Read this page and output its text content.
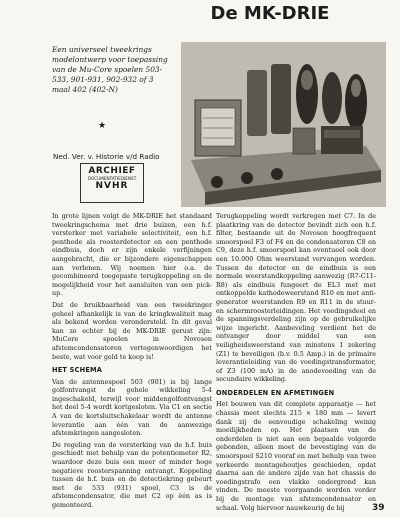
De MK-DRIE

Een universeel tweekrings modelontwerp voor toepassing van de Mu-Core spoelen 503-533, 901-931, 902-932 of 3 maal 402 (402-N)

★
Ned. Ver. v. Historie v/d Radio
ARCHIEF
DOCUMENTATIEDIENST
NVHR

In grote lijnen volgt de MK-DRIE het standaard tweekringschema met drie buizen, een h.f. versterker met variabele selectiviteit, een h.f. penthode als roosterdetector en een penthode eindbuis, doch er zijn enkele verfijningen aangebracht, die er bijzondere eigenschappen aan verlenen. Wij noemen hier o.a. de gecombineerd toegepaste terugkoppeling en de mogelijkheid voor het aansluiten van een pick-up.

Dat de bruikbaarheid van een tweekringer geheel afhankelijk is van de kringkwaliteit mag als bekend worden verondersteld. In dit geval kan ze echter bij de MK-DRIE gerust zijn: MuCore spoelen in Novoson afstemcondensatoren vertegenwoordigen het beste, wat voor geld te koop is!

HET SCHEMA

Van de antennespoel 503 (901) is bij lange golfontvangst de gehele wikkeling 5-4 ingeschakeld, terwijl voor middengolfontvangst het deel 5-4 wordt kortgesloten. Via C1 en sectie A van de kortsluitschakelaar wordt de antenne leverantie aan één van de aanwezige afstemkringen aangesloten.

De regeling van de versterking van de h.f. buis geschiedt met behulp van de potentiometer R2, waardoor deze buis een meer of minder hoge negatieve roosterspanning ontvangt. Koppeling tussen de h.f. buis en de detectiekring gebeurt met de 533 (931) spoel, C3 is de afstemcondensator, die met C2 op één as is gemonteerd.

Terugkoppeling wordt verkregen met C7. In de plaatkring van de detector bevindt zich een h.f. filter, bestaande uit de Novoson hoogfrequent smoorspoel F3 of F4 en de condensatoren C8 en C9, deze h.f. smoorspoel kan eventueel ook door een 10.000 Ohm weerstand vervangen worden. Tussen de detector en de eindbuis is een normale weerstandkoppeling aanwezig (R7-C11-R8) als eindbuis fungeert de EL3 met met ontkoppelde kathodeweerstand R10 en met anti-generator weerstanden R9 en R11 in de stuur- en schermroosterleidingen. Het voedingsdeel en de spanningsverdeling zijn op de gebruikelijke wijze ingericht. Aanbeveling verdient het de ontvanger door middel van een veiligheidsweerstand van minstens 1 zekering (Z1) te beveiligen (b.v. 0.5 Amp.) in de primaire leverantieleiding van de voedingstransformator, of Z3 (100 mA) in de anodevoeding van de secundaire wikkeling.

ONDERDELEN EN AFMETINGEN

Het bouwen van dit complete apparaatje — het chassis meet slechts 215 × 180 mm — levert dank zij de eenvoudige schakeling weinig moeilijkheden op. Het plaatsen van de onderdelen is niet aan een bepaalde volgorde gebonden, alleen moet de bevestiging van de smoorspoel S210 vooraf en met behulp van twee verkeerde montageboutjes geschieden, opdat daarna aan de andere zijde van het chassis de voedingstrafo een vlakke ondergrond kan vinden. De meeste voorgaande worden verder bij de montage van afstemcondensator en schaal. Volg hiervoor nauwkeurig de bij	39
